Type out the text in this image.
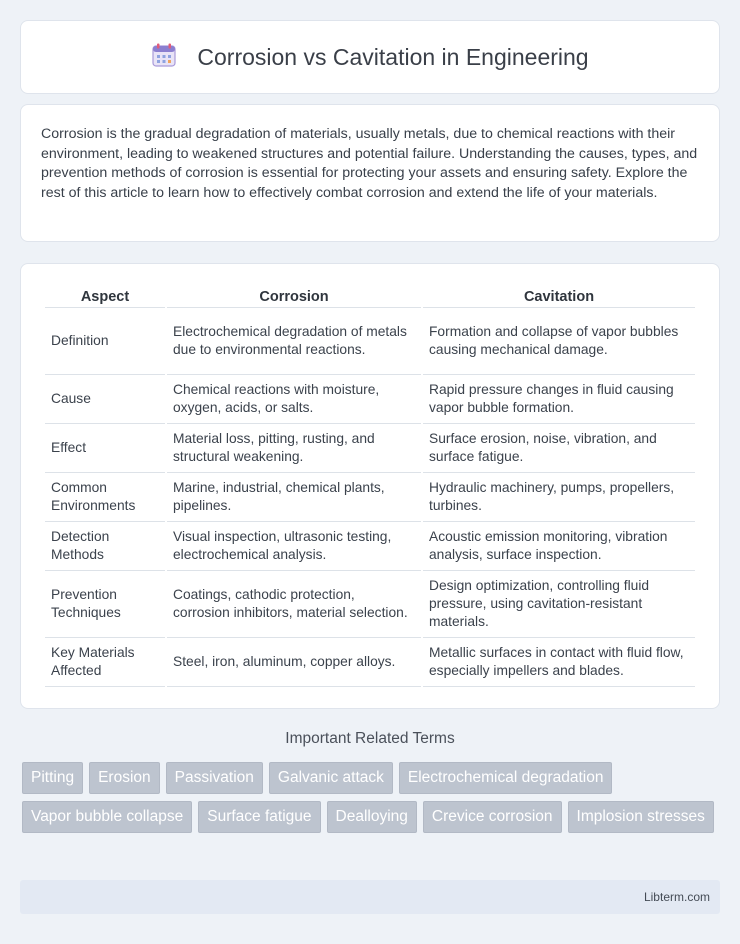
Corrosion vs Cavitation in Engineering

Corrosion is the gradual degradation of materials, usually metals, due to chemical reactions with their environment, leading to weakened structures and potential failure. Understanding the causes, types, and prevention methods of corrosion is essential for protecting your assets and ensuring safety. Explore the rest of this article to learn how to effectively combat corrosion and extend the life of your materials.

Aspect	Corrosion	Cavitation
Definition	Electrochemical degradation of metals due to environmental reactions.	Formation and collapse of vapor bubbles causing mechanical damage.
Cause	Chemical reactions with moisture, oxygen, acids, or salts.	Rapid pressure changes in fluid causing vapor bubble formation.
Effect	Material loss, pitting, rusting, and structural weakening.	Surface erosion, noise, vibration, and surface fatigue.
Common Environments	Marine, industrial, chemical plants, pipelines.	Hydraulic machinery, pumps, propellers, turbines.
Detection Methods	Visual inspection, ultrasonic testing, electrochemical analysis.	Acoustic emission monitoring, vibration analysis, surface inspection.
Prevention Techniques	Coatings, cathodic protection, corrosion inhibitors, material selection.	Design optimization, controlling fluid pressure, using cavitation-resistant materials.
Key Materials Affected	Steel, iron, aluminum, copper alloys.	Metallic surfaces in contact with fluid flow, especially impellers and blades.
Important Related Terms
Pitting	Erosion	Passivation	Galvanic attack	Electrochemical degradation
Vapor bubble collapse	Surface fatigue	Dealloying	Crevice corrosion	Implosion stresses
Libterm.com
